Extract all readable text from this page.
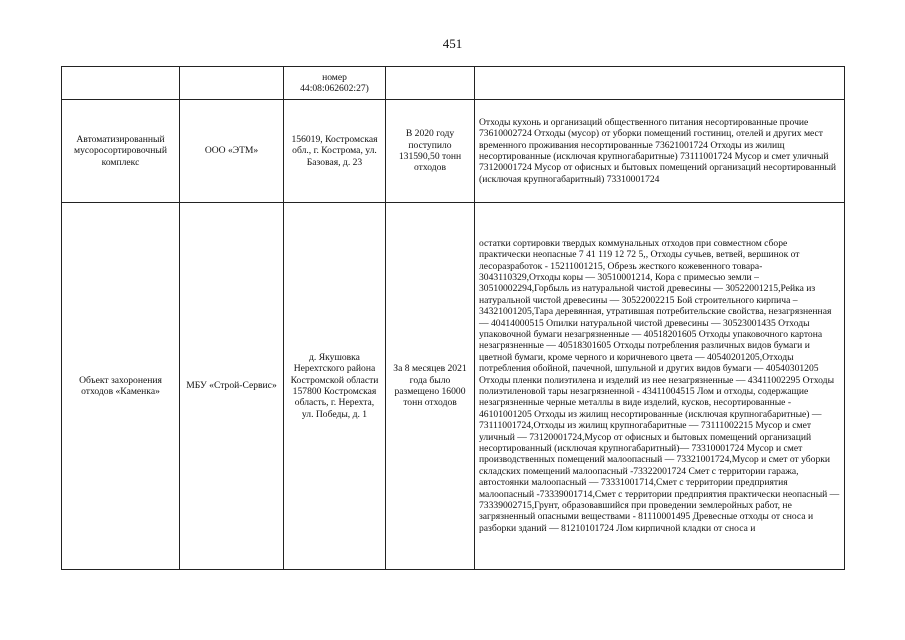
451
		номер 44:08:062602:27)		
Автоматизированный мусоросортировочный комплекс	ООО «ЭТМ»	156019, Костромская обл., г. Кострома, ул. Базовая, д. 23	В 2020 году поступило 131590,50 тонн отходов	Отходы кухонь и организаций общественного питания несортированные прочие 73610002724 Отходы (мусор) от уборки помещений гостиниц, отелей и других мест временного проживания несортированные 73621001724 Отходы из жилищ несортированные (исключая крупногабаритные) 73111001724 Мусор и смет уличный 73120001724 Мусор от офисных и бытовых помещений организаций несортированный (исключая крупногабаритный) 73310001724
Объект захоронения отходов «Каменка»	МБУ «Строй-Сервис»	д. Якушовка Нерехтского района Костромской области 157800 Костромская область, г. Нерехта, ул. Победы, д. 1	За 8 месяцев 2021 года было размещено 16000 тонн отходов	остатки сортировки твердых коммунальных отходов при совместном сборе практически неопасные 7 41 119 12 72 5,, Отходы сучьев, ветвей, вершинок от лесоразработок - 15211001215, Обрезь жесткого кожевенного товара- 3043110329,Отходы коры — 30510001214, Кора с примесью земли – 30510002294,Горбыль из натуральной чистой древесины — 30522001215,Рейка из натуральной чистой древесины — 30522002215 Бой строительного кирпича – 34321001205,Тара деревянная, утратившая потребительские свойства, незагрязненная — 40414000515 Опилки натуральной чистой древесины — 30523001435 Отходы упаковочной бумаги незагрязненные — 40518201605 Отходы упаковочного картона незагрязненные — 40518301605 Отходы потребления различных видов бумаги и цветной бумаги, кроме черного и коричневого цвета — 40540201205,Отходы потребления обойной, пачечной, шпульной и других видов бумаги — 40540301205 Отходы пленки полиэтилена и изделий из нее незагрязненные — 43411002295 Отходы полиэтиленовой тары незагрязненной - 43411004515 Лом и отходы, содержащие незагрязненные черные металлы в виде изделий, кусков, несортированные - 46101001205 Отходы из жилищ несортированные (исключая крупногабаритные) — 73111001724,Отходы из жилищ крупногабаритные — 73111002215 Мусор и смет уличный — 73120001724,Мусор от офисных и бытовых помещений организаций несортированный (исключая крупногабаритный)— 73310001724 Мусор и смет производственных помещений малоопасный — 73321001724,Мусор и смет от уборки складских помещений малоопасный -73322001724 Смет с территории гаража, автостоянки малоопасный — 73331001714,Смет с территории предприятия малоопасный -73339001714,Смет с территории предприятия практически неопасный — 73339002715,Грунт, образовавшийся при проведении землеройных работ, не загрязненный опасными веществами - 81110001495 Древесные отходы от сноса и разборки зданий — 81210101724 Лом кирпичной кладки от сноса и
